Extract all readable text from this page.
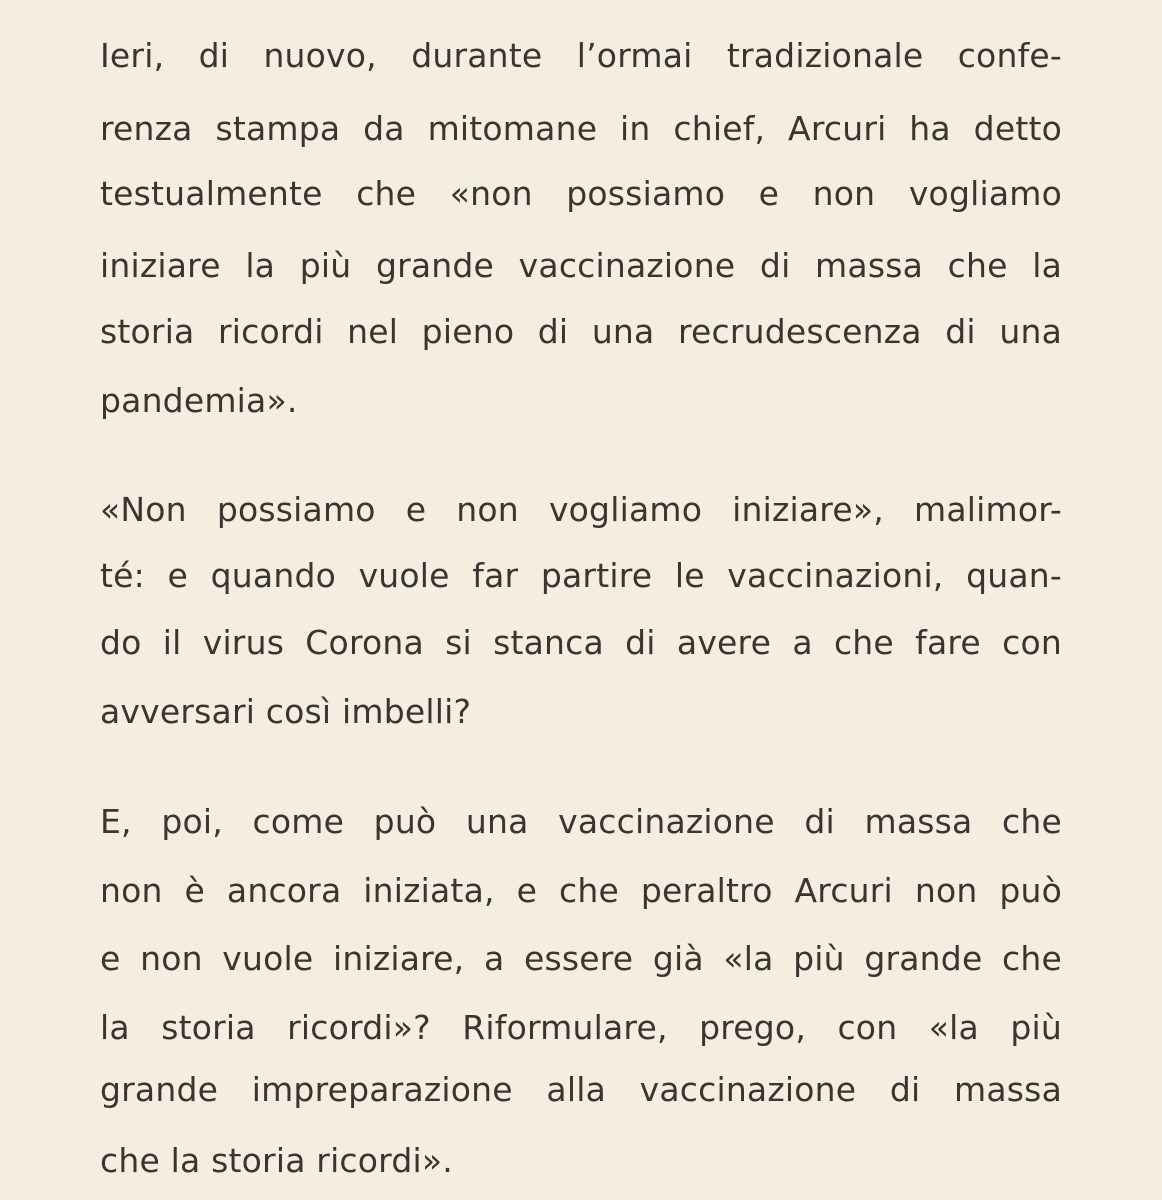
Ieri, di nuovo, durante l’ormai tradizionale confe-

renza stampa da mitomane in chief, Arcuri ha detto

testualmente che «non possiamo e non vogliamo

iniziare la più grande vaccinazione di massa che la

storia ricordi nel pieno di una recrudescenza di una

pandemia».

«Non possiamo e non vogliamo iniziare», malimor-

té: e quando vuole far partire le vaccinazioni, quan-

do il virus Corona si stanca di avere a che fare con

avversari così imbelli?

E, poi, come può una vaccinazione di massa che

non è ancora iniziata, e che peraltro Arcuri non può

e non vuole iniziare, a essere già «la più grande che

la storia ricordi»? Riformulare, prego, con «la più

grande impreparazione alla vaccinazione di massa

che la storia ricordi».
